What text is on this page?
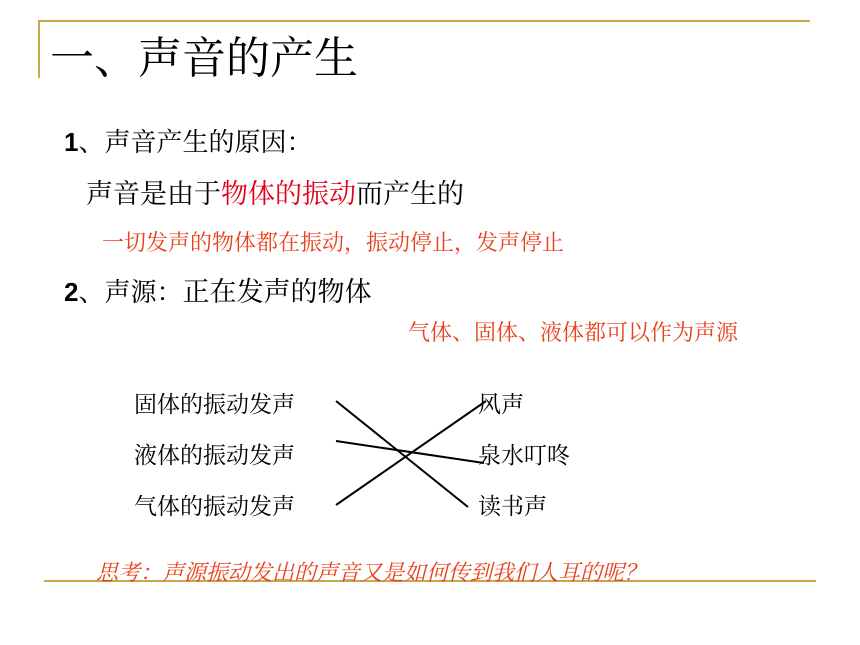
一、声音的产生
1、声音产生的原因：
声音是由于物体的振动而产生的
一切发声的物体都在振动，振动停止，发声停止
2、声源：正在发声的物体
气体、固体、液体都可以作为声源
固体的振动发声
液体的振动发声
气体的振动发声
风声
泉水叮咚
读书声
思考：声源振动发出的声音又是如何传到我们人耳的呢？
